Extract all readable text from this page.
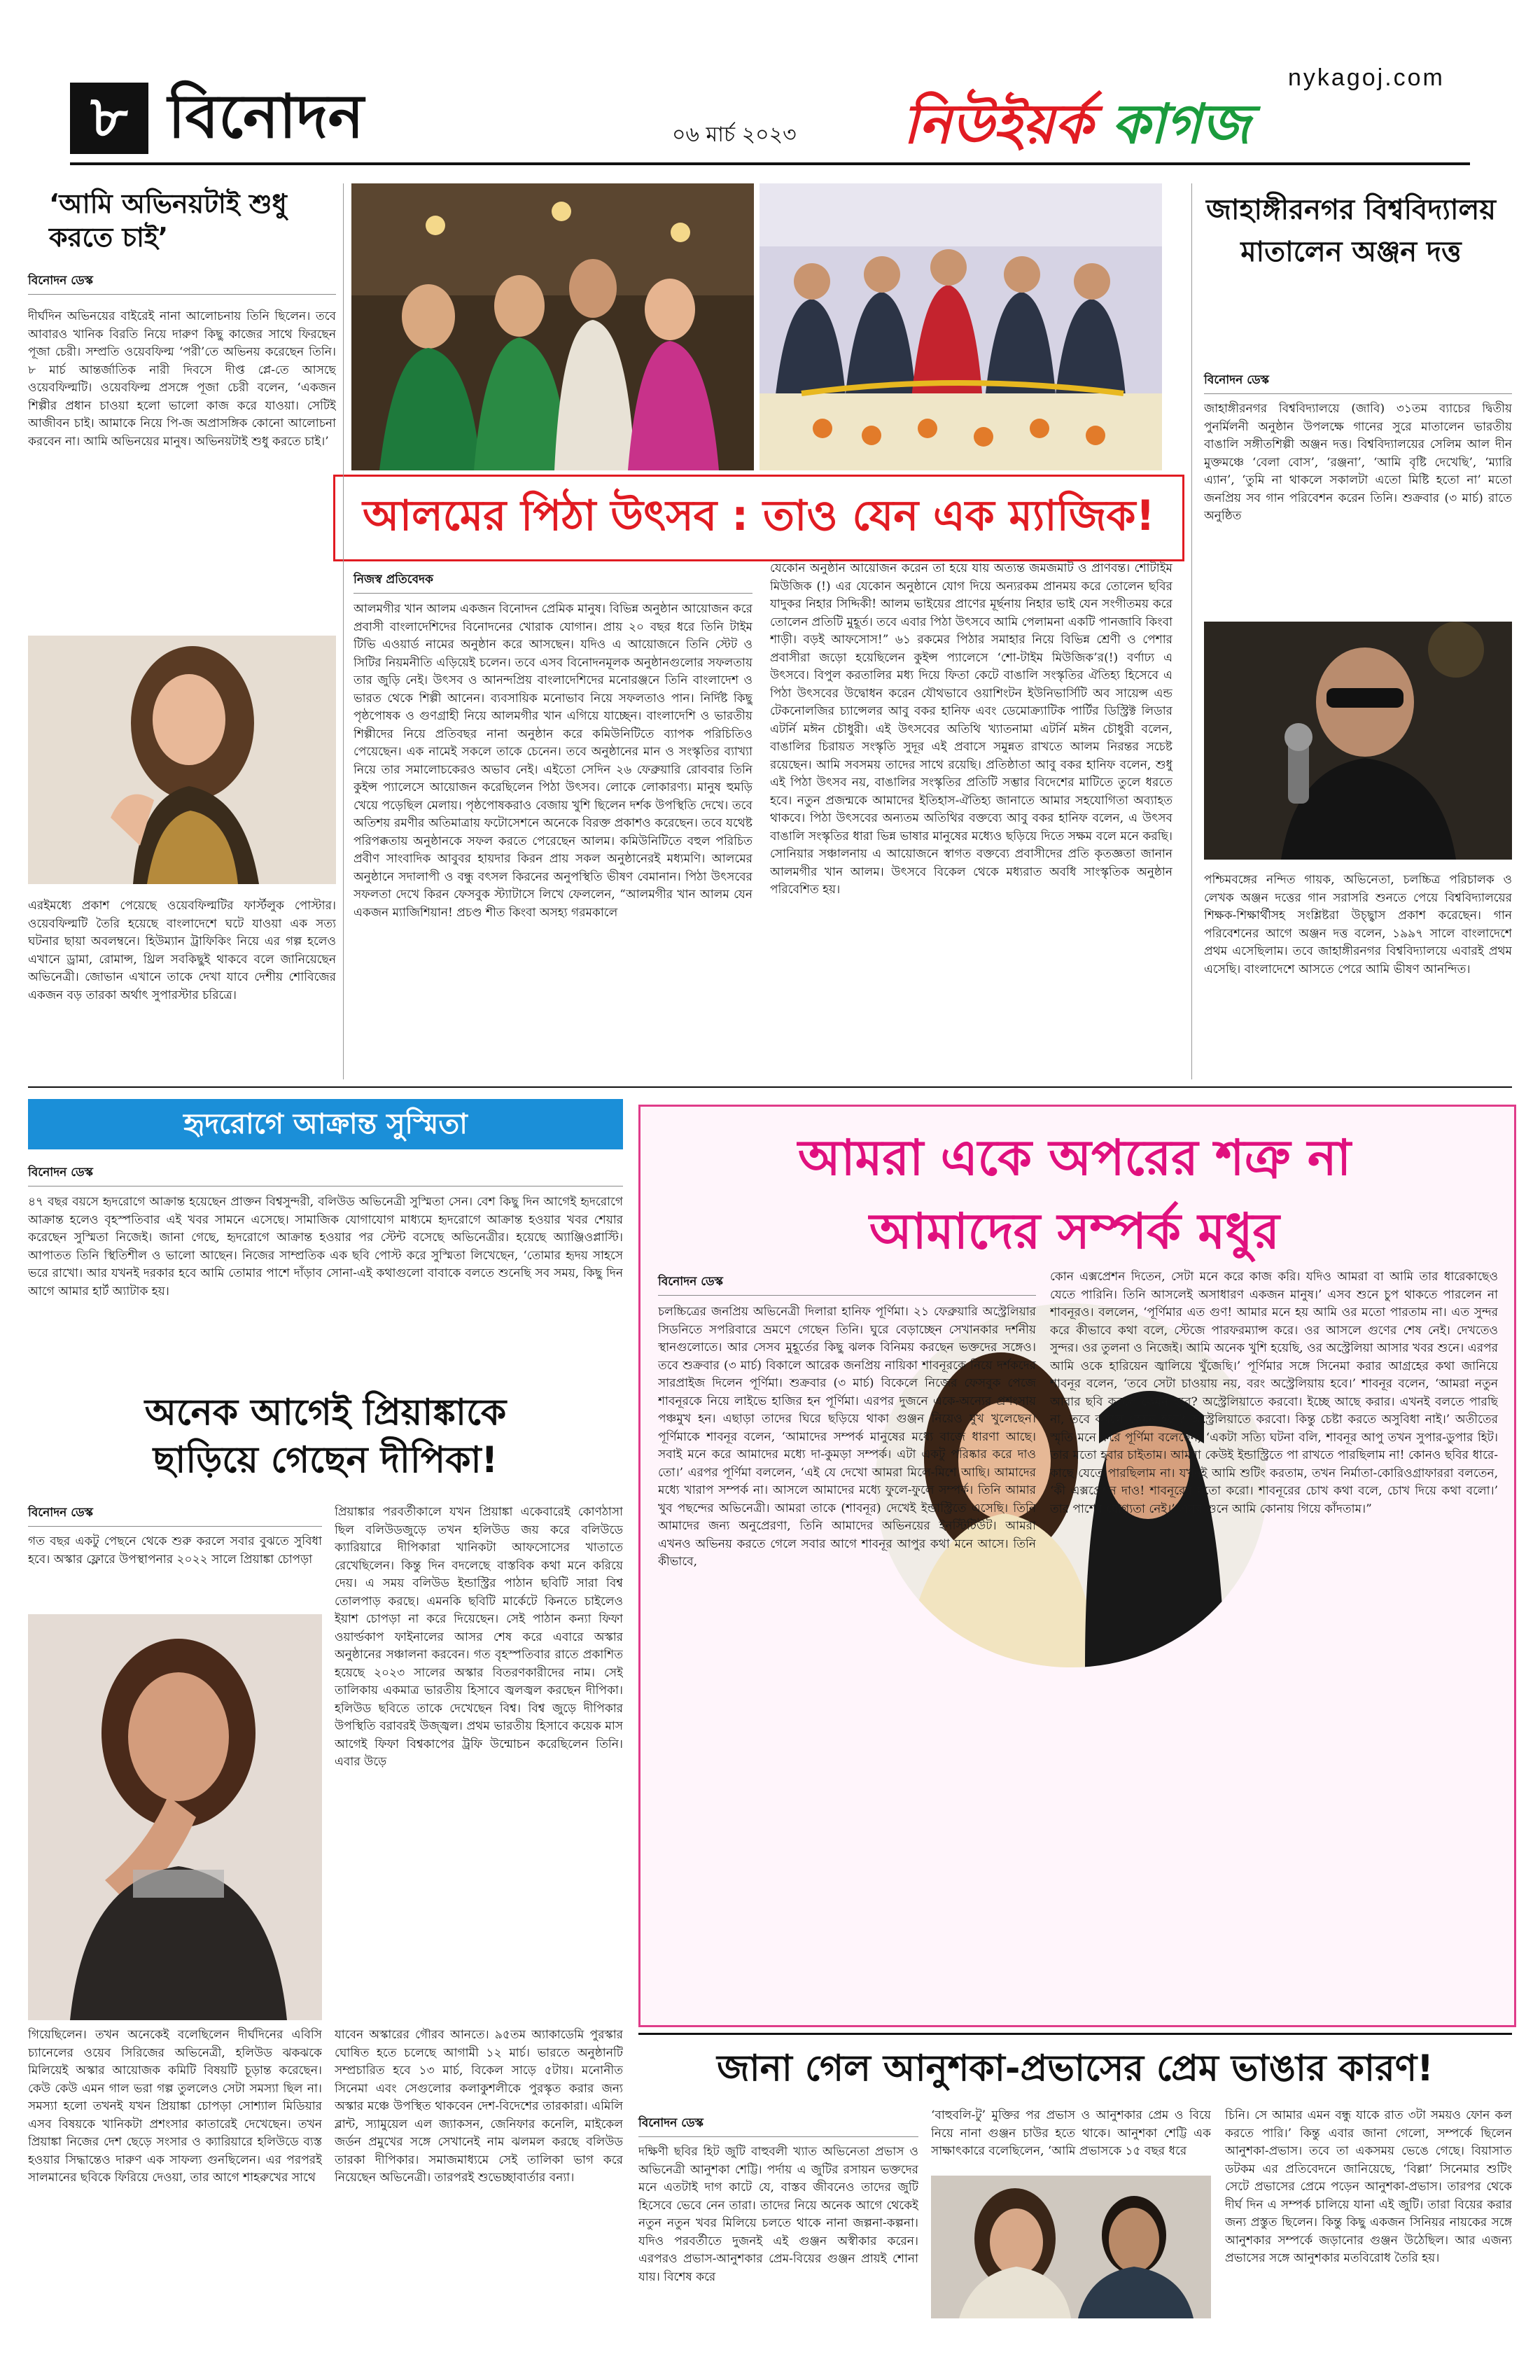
৮ বিনোদন	০৬ মার্চ ২০২৩
nykagoj.com
নিউইয়র্ক কাগজ
‘আমি অভিনয়টাই শুধু করতে চাই’
বিনোদন ডেস্ক
দীর্ঘদিন অভিনয়ের বাইরেই নানা আলোচনায় তিনি ছিলেন। তবে আবারও খানিক বিরতি নিয়ে দারুণ কিছু কাজের সাথে ফিরছেন পূজা চেরী। সম্প্রতি ওয়েবফিল্ম ‘পরী’তে অভিনয় করেছেন তিনি। ৮ মার্চ আন্তর্জাতিক নারী দিবসে দীপ্ত প্লে-তে আসছে ওয়েবফিল্মটি। ওয়েবফিল্ম প্রসঙ্গে পূজা চেরী বলেন, ‘একজন শিল্পীর প্রধান চাওয়া হলো ভালো কাজ করে যাওয়া। সেটিই আজীবন চাই। আমাকে নিয়ে পি-জ অপ্রাসঙ্গিক কোনো আলোচনা করবেন না। আমি অভিনয়ের মানুষ। অভিনয়টাই শুধু করতে চাই।’
এরইমধ্যে প্রকাশ পেয়েছে ওয়েবফিল্মটির ফার্স্টলুক পোস্টার। ওয়েবফিল্মটি তৈরি হয়েছে বাংলাদেশে ঘটে যাওয়া এক সত্য ঘটনার ছায়া অবলম্বনে। হিউম্যান ট্রাফিকিং নিয়ে এর গল্প হলেও এখানে ড্রামা, রোমান্স, থ্রিল সবকিছুই থাকবে বলে জানিয়েছেন অভিনেত্রী। জোভান এখানে তাকে দেখা যাবে দেশীয় শোবিজের একজন বড় তারকা অর্থাৎ সুপারস্টার চরিত্রে।
আলমের পিঠা উৎসব : তাও যেন এক ম্যাজিক!
নিজস্ব প্রতিবেদক
আলমগীর খান আলম একজন বিনোদন প্রেমিক মানুষ। বিভিন্ন অনুষ্ঠান আয়োজন করে প্রবাসী বাংলাদেশিদের বিনোদনের খোরাক যোগান। প্রায় ২০ বছর ধরে তিনি টাইম টিভি এওয়ার্ড নামের অনুষ্ঠান করে আসছেন। যদিও এ আয়োজনে তিনি স্টেট ও সিটির নিয়মনীতি এড়িয়েই চলেন। তবে এসব বিনোদনমূলক অনুষ্ঠানগুলোর সফলতায় তার জুড়ি নেই। উৎসব ও আনন্দপ্রিয় বাংলাদেশিদের মনোরঞ্জনে তিনি বাংলাদেশ ও ভারত থেকে শিল্পী আনেন। ব্যবসায়িক মনোভাব নিয়ে সফলতাও পান। নির্দিষ্ট কিছু পৃষ্ঠপোষক ও গুণগ্রাহী নিয়ে আলমগীর খান এগিয়ে যাচ্ছেন। বাংলাদেশি ও ভারতীয় শিল্পীদের নিয়ে প্রতিবছর নানা অনুষ্ঠান করে কমিউনিটিতে ব্যাপক পরিচিতিও পেয়েছেন। এক নামেই সকলে তাকে চেনেন। তবে অনুষ্ঠানের মান ও সংস্কৃতির ব্যাখ্যা নিয়ে তার সমালোচকেরও অভাব নেই। এইতো সেদিন ২৬ ফেব্রুয়ারি রোববার তিনি কুইন্স প্যালেসে আয়োজন করেছিলেন পিঠা উৎসব। লোকে লোকারণ্য। মানুষ হুমড়ি খেয়ে পড়েছিল মেলায়। পৃষ্ঠপোষকরাও বেজায় খুশি ছিলেন দর্শক উপস্থিতি দেখে। তবে অতিশয় রমণীর অতিমাত্রায় ফটোসেশনে অনেকে বিরক্ত প্রকাশও করেছেন। তবে যথেষ্ট পরিপক্কতায় অনুষ্ঠানকে সফল করতে পেরেছেন আলম। কমিউনিটিতে বহুল পরিচিত প্রবীণ সাংবাদিক আবুবর হায়দার কিরন প্রায় সকল অনুষ্ঠানেরই মধ্যমণি। আলমের অনুষ্ঠানে সদালাপী ও বন্ধু বৎসল কিরনের অনুপস্থিতি ভীষণ বেমানান। পিঠা উৎসবের সফলতা দেখে কিরন ফেসবুক স্ট্যাটাসে লিখে ফেললেন, “আলমগীর খান আলম যেন একজন ম্যাজিশিয়ান! প্রচণ্ড শীত কিংবা অসহ্য গরমকালে
যেকোন অনুষ্ঠান আয়োজন করেন তা হয়ে যায় অত্যন্ত জমজমাট ও প্রাণবন্ত। শোটাইম মিউজিক (!) এর যেকোন অনুষ্ঠানে যোগ দিয়ে অন্যরকম প্রানময় করে তোলেন ছবির যাদুকর নিহার সিদ্দিকী! আলম ভাইয়ের প্রাণের মূর্ছনায় নিহার ভাই যেন সংগীতময় করে তোলেন প্রতিটি মুহূর্ত। তবে এবার পিঠা উৎসবে আমি পেলামনা একটি পানজাবি কিংবা শাড়ী। বড়ই আফসোস!” ৬১ রকমের পিঠার সমাহার নিয়ে বিভিন্ন শ্রেণী ও পেশার প্রবাসীরা জড়ো হয়েছিলেন কুইন্স প্যালেসে ‘শো-টাইম মিউজিক’র(!) বর্ণাঢ্য এ উৎসবে। বিপুল করতালির মধ্য দিয়ে ফিতা কেটে বাঙালি সংস্কৃতির ঐতিহ্য হিসেবে এ পিঠা উৎসবের উদ্বোধন করেন যৌথভাবে ওয়াশিংটন ইউনিভার্সিটি অব সায়েন্স এন্ড টেকনোলজির চ্যান্সেলর আবু বকর হানিফ এবং ডেমোক্র্যাটিক পার্টির ডিস্ট্রিক্ট লিডার এটর্নি মঈন চৌধুরী। এই উৎসবের অতিথি খ্যাতনামা এটর্নি মঈন চৌধুরী বলেন, বাঙালির চিরায়ত সংস্কৃতি সুদূর এই প্রবাসে সমুন্নত রাখতে আলম নিরন্তর সচেষ্ট রয়েছেন। আমি সবসময় তাদের সাথে রয়েছি। প্রতিষ্ঠাতা আবু বকর হানিফ বলেন, শুধু এই পিঠা উৎসব নয়, বাঙালির সংস্কৃতির প্রতিটি সম্ভার বিদেশের মাটিতে তুলে ধরতে হবে। নতুন প্রজন্মকে আমাদের ইতিহাস-ঐতিহ্য জানাতে আমার সহযোগিতা অব্যাহত থাকবে। পিঠা উৎসবের অন্যতম অতিথির বক্তব্যে আবু বকর হানিফ বলেন, এ উৎসব বাঙালি সংস্কৃতির ধারা ভিন্ন ভাষার মানুষের মধ্যেও ছড়িয়ে দিতে সক্ষম বলে মনে করছি। সোনিয়ার সঞ্চালনায় এ আয়োজনে স্বাগত বক্তব্যে প্রবাসীদের প্রতি কৃতজ্ঞতা জানান আলমগীর খান আলম। উৎসবে বিকেল থেকে মধ্যরাত অবধি সাংস্কৃতিক অনুষ্ঠান পরিবেশিত হয়।
জাহাঙ্গীরনগর বিশ্ববিদ্যালয় মাতালেন অঞ্জন দত্ত
বিনোদন ডেস্ক
জাহাঙ্গীরনগর বিশ্ববিদ্যালয়ে (জাবি) ৩১তম ব্যাচের দ্বিতীয় পুনর্মিলনী অনুষ্ঠান উপলক্ষে গানের সুরে মাতালেন ভারতীয় বাঙালি সঙ্গীতশিল্পী অঞ্জন দত্ত। বিশ্ববিদ্যালয়ের সেলিম আল দীন মুক্তমঞ্চে ‘বেলা বোস’, ‘রঞ্জনা’, ‘আমি বৃষ্টি দেখেছি’, ‘ম্যারি এ্যান’, ‘তুমি না থাকলে সকালটা এতো মিষ্টি হতো না’ মতো জনপ্রিয় সব গান পরিবেশন করেন তিনি। শুক্রবার (৩ মার্চ) রাতে অনুষ্ঠিত
পশ্চিমবঙ্গের নন্দিত গায়ক, অভিনেতা, চলচ্চিত্র পরিচালক ও লেখক অঞ্জন দত্তের গান সরাসরি শুনতে পেয়ে বিশ্ববিদ্যালয়ের শিক্ষক-শিক্ষার্থীসহ সংশ্লিষ্টরা উচ্ছ্বাস প্রকাশ করেছেন। গান পরিবেশনের আগে অঞ্জন দত্ত বলেন, ১৯৯৭ সালে বাংলাদেশে প্রথম এসেছিলাম। তবে জাহাঙ্গীরনগর বিশ্ববিদ্যালয়ে এবারই প্রথম এসেছি। বাংলাদেশে আসতে পেরে আমি ভীষণ আনন্দিত।
হৃদরোগে আক্রান্ত সুস্মিতা
বিনোদন ডেস্ক
৪৭ বছর বয়সে হৃদরোগে আক্রান্ত হয়েছেন প্রাক্তন বিশ্বসুন্দরী, বলিউড অভিনেত্রী সুস্মিতা সেন। বেশ কিছু দিন আগেই হৃদরোগে আক্রান্ত হলেও বৃহস্পতিবার এই খবর সামনে এসেছে। সামাজিক যোগাযোগ মাধ্যমে হৃদরোগে আক্রান্ত হওয়ার খবর শেয়ার করেছেন সুস্মিতা নিজেই। জানা গেছে, হৃদরোগে আক্রান্ত হওয়ার পর স্টেন্ট বসেছে অভিনেত্রীর। হয়েছে অ্যাঞ্জিওপ্লাস্টি। আপাতত তিনি স্থিতিশীল ও ভালো আছেন। নিজের সাম্প্রতিক এক ছবি পোস্ট করে সুস্মিতা লিখেছেন, ‘তোমার হৃদয় সাহসে ভরে রাখো। আর যখনই দরকার হবে আমি তোমার পাশে দাঁড়াব সোনা-এই কথাগুলো বাবাকে বলতে শুনেছি সব সময়, কিছু দিন আগে আমার হার্ট অ্যাটাক হয়।
অনেক আগেই প্রিয়াঙ্কাকে ছাড়িয়ে গেছেন দীপিকা!
বিনোদন ডেস্ক
গত বছর একটু পেছনে থেকে শুরু করলে সবার বুঝতে সুবিধা হবে। অস্কার ফ্লোরে উপস্থাপনার ২০২২ সালে প্রিয়াঙ্কা চোপড়া
প্রিয়াঙ্কার পরবর্তীকালে যখন প্রিয়াঙ্কা একেবারেই কোণঠাসা ছিল বলিউডজুড়ে তখন হলিউড জয় করে বলিউডে ক্যারিয়ারে দীপিকারা খানিকটা আফসোসের খাতাতে রেখেছিলেন। কিন্তু দিন বদলেছে বাস্তবিক কথা মনে করিয়ে দেয়। এ সময় বলিউড ইন্ডাস্ট্রির পাঠান ছবিটি সারা বিশ্ব তোলপাড় করছে। এমনকি ছবিটি মার্কেটে কিনতে চাইলেও ইয়াশ চোপড়া না করে দিয়েছেন। সেই পাঠান কন্যা ফিফা ওয়ার্ল্ডকাপ ফাইনালের আসর শেষ করে এবারে অস্কার অনুষ্ঠানের সঞ্চালনা করবেন। গত বৃহস্পতিবার রাতে প্রকাশিত হয়েছে ২০২৩ সালের অস্কার বিতরণকারীদের নাম। সেই তালিকায় একমাত্র ভারতীয় হিসাবে জ্বলজ্বল করছেন দীপিকা। হলিউড ছবিতে তাকে দেখেছেন বিশ্ব। বিশ্ব জুড়ে দীপিকার উপস্থিতি বরাবরই উজ্জ্বল। প্রথম ভারতীয় হিসাবে কয়েক মাস আগেই ফিফা বিশ্বকাপের ট্রফি উন্মোচন করেছিলেন তিনি। এবার উড়ে
গিয়েছিলেন। তখন অনেকেই বলেছিলেন দীর্ঘদিনের এবিসি চ্যানেলের ওয়েব সিরিজের অভিনেত্রী, হলিউড ঝকঝকে মিলিয়েই অস্কার আয়োজক কমিটি বিষয়টি চূড়ান্ত করেছেন। কেউ কেউ এমন গাল ভরা গল্প তুললেও সেটা সমস্যা ছিল না। সমস্যা হলো তখনই যখন প্রিয়াঙ্কা চোপড়া সোশ্যাল মিডিয়ার এসব বিষয়কে খানিকটা প্রশংসার কাতারেই দেখেছেন। তখন প্রিয়াঙ্কা নিজের দেশ ছেড়ে সংসার ও ক্যারিয়ারে হলিউডে ব্যস্ত হওয়ার সিদ্ধান্তেও দারুণ এক সাফল্য গুনছিলেন। এর পরপরই সালমানের ছবিকে ফিরিয়ে দেওয়া, তার আগে শাহরুখের সাথে
যাবেন অস্কারের গৌরব আনতে। ৯৫তম অ্যাকাডেমি পুরস্কার ঘোষিত হতে চলেছে আগামী ১২ মার্চ। ভারতে অনুষ্ঠানটি সম্প্রচারিত হবে ১৩ মার্চ, বিকেল সাড়ে ৫টায়। মনোনীত সিনেমা এবং সেগুলোর কলাকুশলীকে পুরস্কৃত করার জন্য অস্কার মঞ্চে উপস্থিত থাকবেন দেশ-বিদেশের তারকারা। এমিলি ব্লান্ট, স্যামুয়েল এল জ্যাকসন, জেনিফার কনেলি, মাইকেল জর্ডন প্রমুখের সঙ্গে সেখানেই নাম ঝলমল করছে বলিউড তারকা দীপিকার। সমাজমাধ্যমে সেই তালিকা ভাগ করে নিয়েছেন অভিনেত্রী। তারপরই শুভেচ্ছাবার্তার বন্যা।
আমরা একে অপরের শত্রু না
আমাদের সম্পর্ক মধুর
বিনোদন ডেস্ক
চলচ্চিত্রের জনপ্রিয় অভিনেত্রী দিলারা হানিফ পূর্ণিমা। ২১ ফেব্রুয়ারি অস্ট্রেলিয়ার সিডনিতে সপরিবারে ভ্রমণে গেছেন তিনি। ঘুরে বেড়াচ্ছেন সেখানকার দর্শনীয় স্থানগুলোতে। আর সেসব মুহূর্তের কিছু ঝলক বিনিময় করছেন ভক্তদের সঙ্গেও। তবে শুক্রবার (৩ মার্চ) বিকালে আরেক জনপ্রিয় নায়িকা শাবনূরকে নিয়ে দর্শকদের সারপ্রাইজ দিলেন পূর্ণিমা। শুক্রবার (৩ মার্চ) বিকেলে নিজের ফেসবুক পেজে শাবনূরকে নিয়ে লাইভে হাজির হন পূর্ণিমা। এরপর দুজনে একে-অন্যের প্রশংসায় পঞ্চমুখ হন। এছাড়া তাদের ঘিরে ছড়িয়ে থাকা গুঞ্জন নিয়েও মুখ খুলেছেন। পূর্ণিমাকে শাবনূর বলেন, ‘আমাদের সম্পর্ক মানুষের মধ্যে বাজে ধারণা আছে। সবাই মনে করে আমাদের মধ্যে দা-কুমড়া সম্পর্ক। এটা একটু পরিষ্কার করে দাও তো।’ এরপর পূর্ণিমা বললেন, ‘এই যে দেখো আমরা মিলে-মিশে আছি। আমাদের মধ্যে খারাপ সম্পর্ক না। আসলে আমাদের মধ্যে ফুলে-ফুলে সম্পর্ক। তিনি আমার খুব পছন্দের অভিনেত্রী। আমরা তাকে (শাবনূর) দেখেই ইন্ডাস্ট্রিতে এসেছি। তিনি আমাদের জন্য অনুপ্রেরণা, তিনি আমাদের অভিনয়ের ইনস্টিটিউট। আমরা এখনও অভিনয় করতে গেলে সবার আগে শাবনূর আপুর কথা মনে আসে। তিনি কীভাবে,
কোন এক্সপ্রেশন দিতেন, সেটা মনে করে কাজ করি। যদিও আমরা বা আমি তার ধারেকাছেও যেতে পারিনি। তিনি আসলেই অসাধারণ একজন মানুষ।’ এসব শুনে চুপ থাকতে পারলেন না শাবনূরও। বললেন, ‘পূর্ণিমার এত গুণ! আমার মনে হয় আমি ওর মতো পারতাম না। এত সুন্দর করে কীভাবে কথা বলে, স্টেজে পারফরম্যান্স করে। ওর আসলে গুণের শেষ নেই। দেখতেও সুন্দর। ওর তুলনা ও নিজেই। আমি অনেক খুশি হয়েছি, ওর অস্ট্রেলিয়া আসার খবর শুনে। এরপর আমি ওকে হারিয়েন জ্বালিয়ে খুঁজেছি।’ পূর্ণিমার সঙ্গে সিনেমা করার আগ্রহের কথা জানিয়ে শাবনূর বলেন, ‘তবে সেটা চাওয়ায় নয়, বরং অস্ট্রেলিয়ায় হবে।’ শাবনূর বলেন, ‘আমরা নতুন আবার ছবি করলে কেমন হবে? অস্ট্রেলিয়াতে করবো। ইচ্ছে আছে করার। এখনই বলতে পারছি না, তবে করলে কেমন হবে? অস্ট্রেলিয়াতে করবো। কিন্তু চেষ্টা করতে অসুবিধা নাই।’ অতীতের স্মৃতি মনে করে পূর্ণিমা বলেছেন, ‘একটা সত্যি ঘটনা বলি, শাবনূর আপু তখন সুপার-ডুপার হিট। তার মতো হবার চাইতাম। আমরা কেউই ইন্ডাস্ট্রিতে পা রাখতে পারছিলাম না! কোনও ছবির ধারে-কাছে যেতে পারছিলাম না। যখনই আমি শুটিং করতাম, তখন নির্মাতা-কোরিওগ্রাফাররা বলতেন, ‘কী এক্সপ্রেশন দাও! শাবনূরের মতো করো। শাবনূরের চোখ কথা বলে, চোখ দিয়ে কথা বলো।’ তার পাশের যোগ্যতা নেই।’ এসব শুনে আমি কোনায় গিয়ে কাঁদতাম।”
জানা গেল আনুশকা-প্রভাসের প্রেম ভাঙার কারণ!
বিনোদন ডেস্ক
দক্ষিণী ছবির হিট জুটি বাহুবলী খ্যাত অভিনেতা প্রভাস ও অভিনেত্রী আনুশকা শেট্টি। পর্দায় এ জুটির রসায়ন ভক্তদের মনে এতটাই দাগ কাটে যে, বাস্তব জীবনেও তাদের জুটি হিসেবে ভেবে নেন তারা। তাদের নিয়ে অনেক আগে থেকেই নতুন নতুন খবর মিলিয়ে চলতে থাকে নানা জল্পনা-কল্পনা। যদিও পরবর্তীতে দুজনই এই গুঞ্জন অস্বীকার করেন। এরপরও প্রভাস-আনুশকার প্রেম-বিয়ের গুঞ্জন প্রায়ই শোনা যায়। বিশেষ করে
‘বাহুবলি-টু’ মুক্তির পর প্রভাস ও আনুশকার প্রেম ও বিয়ে নিয়ে নানা গুঞ্জন চাউর হতে থাকে। আনুশকা শেট্টি এক সাক্ষাৎকারে বলেছিলেন, ‘আমি প্রভাসকে ১৫ বছর ধরে
চিনি। সে আমার এমন বন্ধু যাকে রাত ৩টা সময়ও ফোন কল করতে পারি।’ কিন্তু এবার জানা গেলো, সম্পর্কে ছিলেন আনুশকা-প্রভাস। তবে তা একসময় ভেঙে গেছে। বিয়াসাত ডটকম এর প্রতিবেদনে জানিয়েছে, ‘বিল্লা’ সিনেমার শুটিং সেটে প্রভাসের প্রেমে পড়েন আনুশকা-প্রভাস। তারপর থেকে দীর্ঘ দিন এ সম্পর্ক চালিয়ে যানা এই জুটি। তারা বিয়ের করার জন্য প্রস্তুত ছিলেন। কিন্তু কিছু একজন সিনিয়র নায়কের সঙ্গে আনুশকার সম্পর্কে জড়ানোর গুঞ্জন উঠেছিল। আর এজন্য প্রভাসের সঙ্গে আনুশকার মতবিরোধ তৈরি হয়।
